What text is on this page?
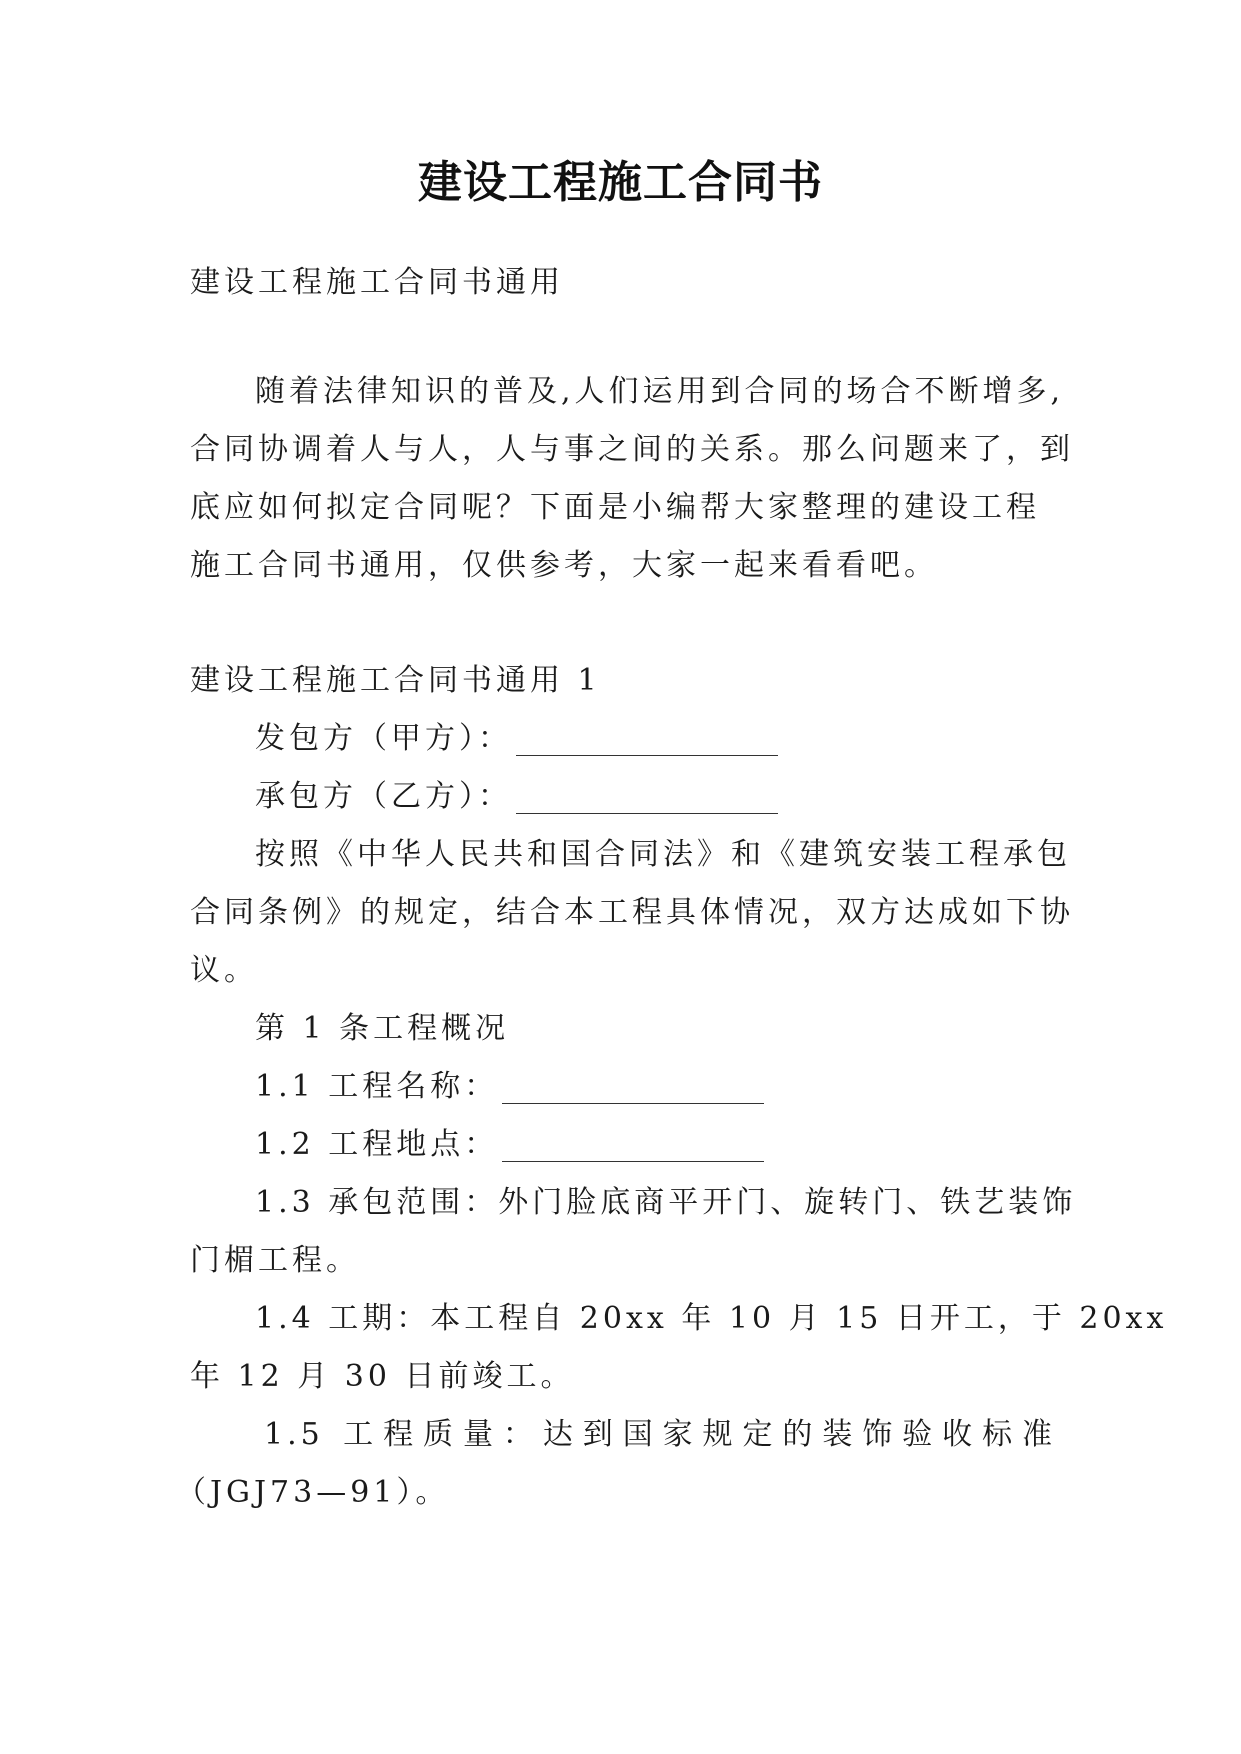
建设工程施工合同书
建设工程施工合同书通用
随着法律知识的普及,人们运用到合同的场合不断增多,
合同协调着人与人，人与事之间的关系。那么问题来了，到
底应如何拟定合同呢？下面是小编帮大家整理的建设工程
施工合同书通用，仅供参考，大家一起来看看吧。
建设工程施工合同书通用 1
发包方（甲方）：
承包方（乙方）：
按照《中华人民共和国合同法》和《建筑安装工程承包
合同条例》的规定，结合本工程具体情况，双方达成如下协
议。
第 1 条工程概况
1.1 工程名称：
1.2 工程地点：
1.3 承包范围：外门脸底商平开门、旋转门、铁艺装饰
门楣工程。
1.4 工期：本工程自 20xx 年 10 月 15 日开工，于 20xx
年 12 月 30 日前竣工。
1.5 工程质量：达到国家规定的装饰验收标准
（JGJ73—91）。
